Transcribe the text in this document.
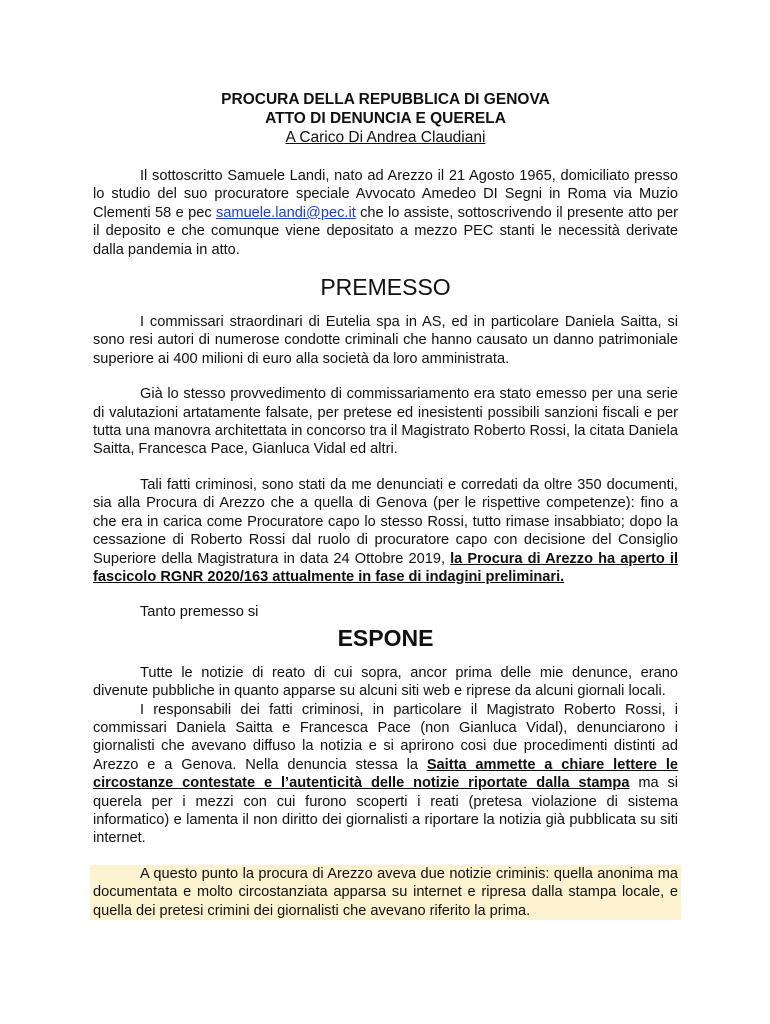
PROCURA DELLA REPUBBLICA DI GENOVA
ATTO DI DENUNCIA E QUERELA
A Carico Di Andrea Claudiani

Il sottoscritto Samuele Landi, nato ad Arezzo il 21 Agosto 1965, domiciliato presso lo studio del suo procuratore speciale Avvocato Amedeo DI Segni in Roma via Muzio Clementi 58 e pec samuele.landi@pec.it che lo assiste, sottoscrivendo il presente atto per il deposito e che comunque viene depositato a mezzo PEC stanti le necessità derivate dalla pandemia in atto.

PREMESSO

I commissari straordinari di Eutelia spa in AS, ed in particolare Daniela Saitta, si sono resi autori di numerose condotte criminali che hanno causato un danno patrimoniale superiore ai 400 milioni di euro alla società da loro amministrata.

Già lo stesso provvedimento di commissariamento era stato emesso per una serie di valutazioni artatamente falsate, per pretese ed inesistenti possibili sanzioni fiscali e per tutta una manovra architettata in concorso tra il Magistrato Roberto Rossi, la citata Daniela Saitta, Francesca Pace, Gianluca Vidal ed altri.

Tali fatti criminosi, sono stati da me denunciati e corredati da oltre 350 documenti, sia alla Procura di Arezzo che a quella di Genova (per le rispettive competenze): fino a che era in carica come Procuratore capo lo stesso Rossi, tutto rimase insabbiato; dopo la cessazione di Roberto Rossi dal ruolo di procuratore capo con decisione del Consiglio Superiore della Magistratura in data 24 Ottobre 2019, la Procura di Arezzo ha aperto il fascicolo RGNR 2020/163 attualmente in fase di indagini preliminari.

Tanto premesso si

ESPONE

Tutte le notizie di reato di cui sopra, ancor prima delle mie denunce, erano divenute pubbliche in quanto apparse su alcuni siti web e riprese da alcuni giornali locali.

I responsabili dei fatti criminosi, in particolare il Magistrato Roberto Rossi, i commissari Daniela Saitta e Francesca Pace (non Gianluca Vidal), denunciarono i giornalisti che avevano diffuso la notizia e si aprirono cosi due procedimenti distinti ad Arezzo e a Genova. Nella denuncia stessa la Saitta ammette a chiare lettere le circostanze contestate e l’autenticità delle notizie riportate dalla stampa ma si querela per i mezzi con cui furono scoperti i reati (pretesa violazione di sistema informatico) e lamenta il non diritto dei giornalisti a riportare la notizia già pubblicata su siti internet.

A questo punto la procura di Arezzo aveva due notizie criminis: quella anonima ma documentata e molto circostanziata apparsa su internet e ripresa dalla stampa locale, e quella dei pretesi crimini dei giornalisti che avevano riferito la prima.
